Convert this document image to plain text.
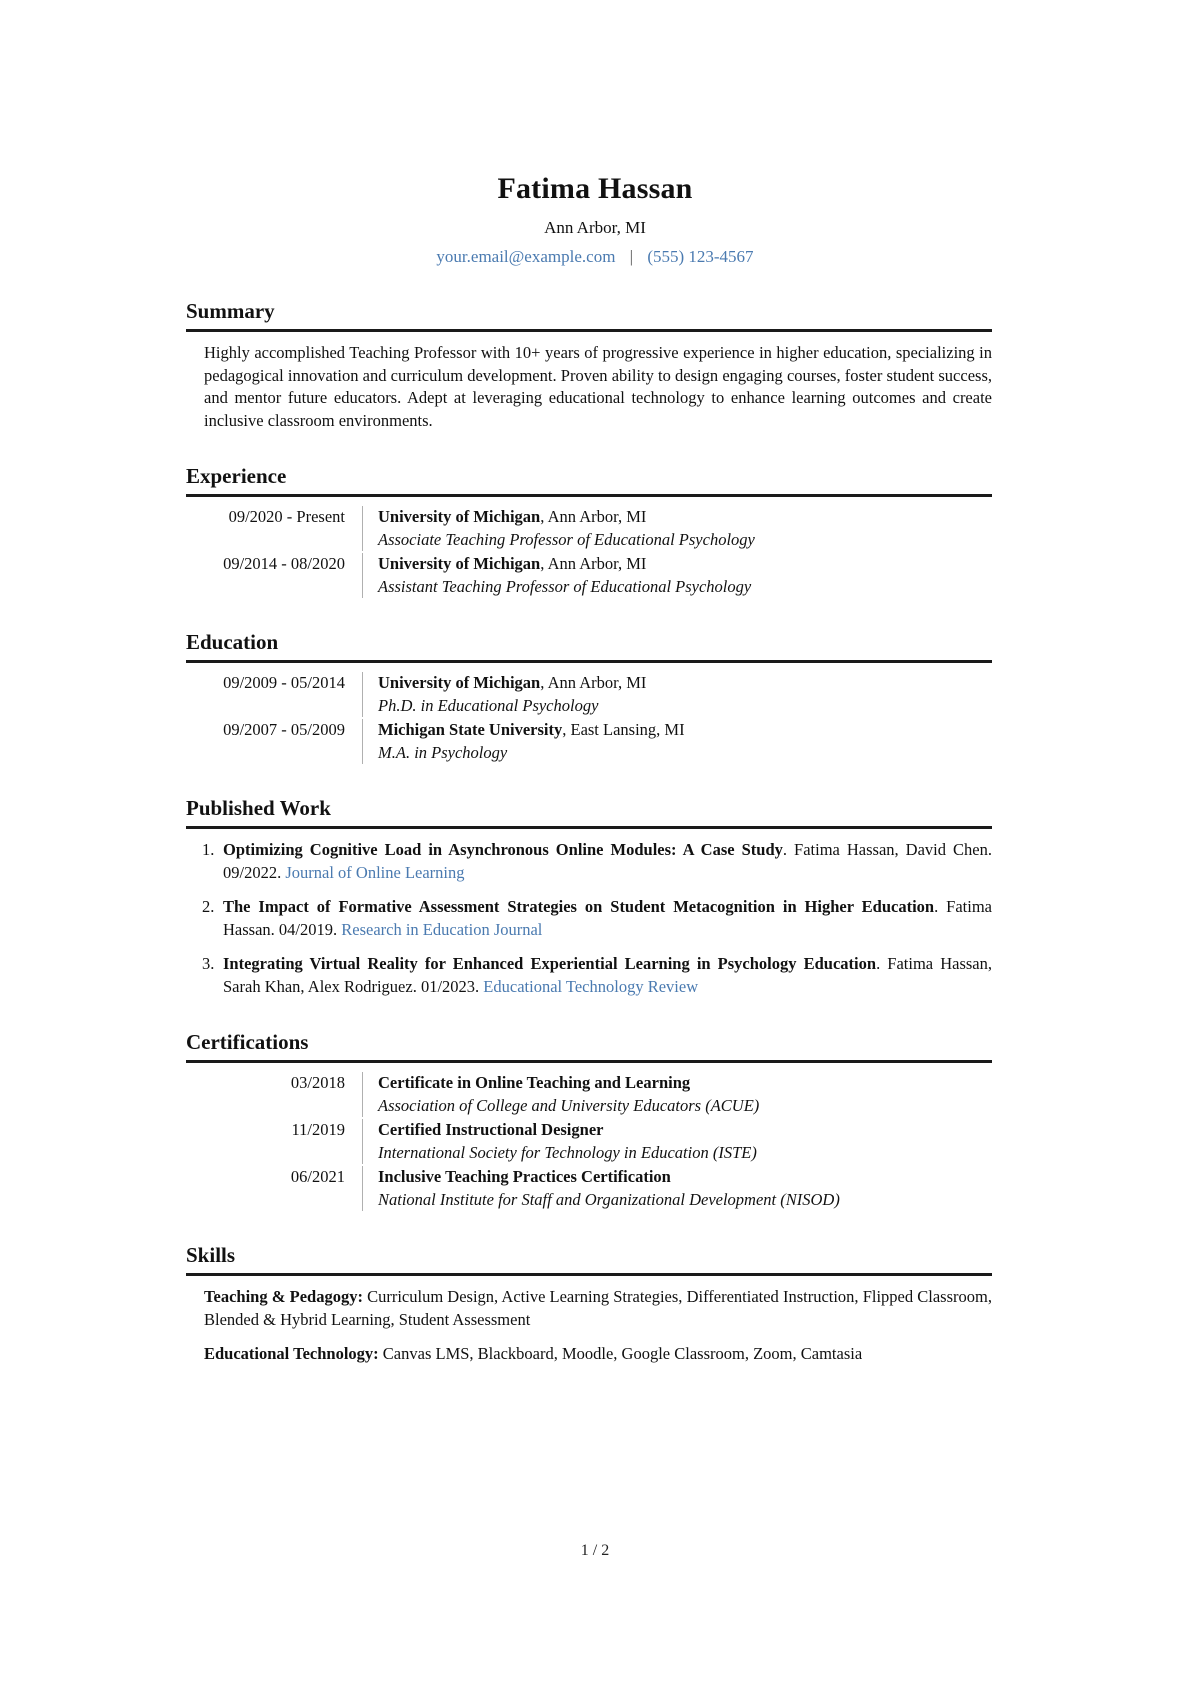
Fatima Hassan
Ann Arbor, MI
your.email@example.com | (555) 123-4567
Summary

Highly accomplished Teaching Professor with 10+ years of progressive experience in higher education, specializing in pedagogical innovation and curriculum development. Proven ability to design engaging courses, foster student success, and mentor future educators. Adept at leveraging educational technology to enhance learning outcomes and create inclusive classroom environments.

Experience
09/2020 - Present University of Michigan, Ann Arbor, MI
Associate Teaching Professor of Educational Psychology
09/2014 - 08/2020 University of Michigan, Ann Arbor, MI
Assistant Teaching Professor of Educational Psychology
Education
09/2009 - 05/2014 University of Michigan, Ann Arbor, MI
Ph.D. in Educational Psychology
09/2007 - 05/2009 Michigan State University, East Lansing, MI
M.A. in Psychology
Published Work
1. Optimizing Cognitive Load in Asynchronous Online Modules: A Case Study. Fatima Hassan, David Chen. 09/2022. Journal of Online Learning
2. The Impact of Formative Assessment Strategies on Student Metacognition in Higher Education. Fatima Hassan. 04/2019. Research in Education Journal
3. Integrating Virtual Reality for Enhanced Experiential Learning in Psychology Education. Fatima Hassan, Sarah Khan, Alex Rodriguez. 01/2023. Educational Technology Review
Certifications
03/2018 Certificate in Online Teaching and Learning
Association of College and University Educators (ACUE)
11/2019 Certified Instructional Designer
International Society for Technology in Education (ISTE)
06/2021 Inclusive Teaching Practices Certification
National Institute for Staff and Organizational Development (NISOD)
Skills

Teaching & Pedagogy: Curriculum Design, Active Learning Strategies, Differentiated Instruction, Flipped Classroom, Blended & Hybrid Learning, Student Assessment

Educational Technology: Canvas LMS, Blackboard, Moodle, Google Classroom, Zoom, Camtasia

1 / 2
